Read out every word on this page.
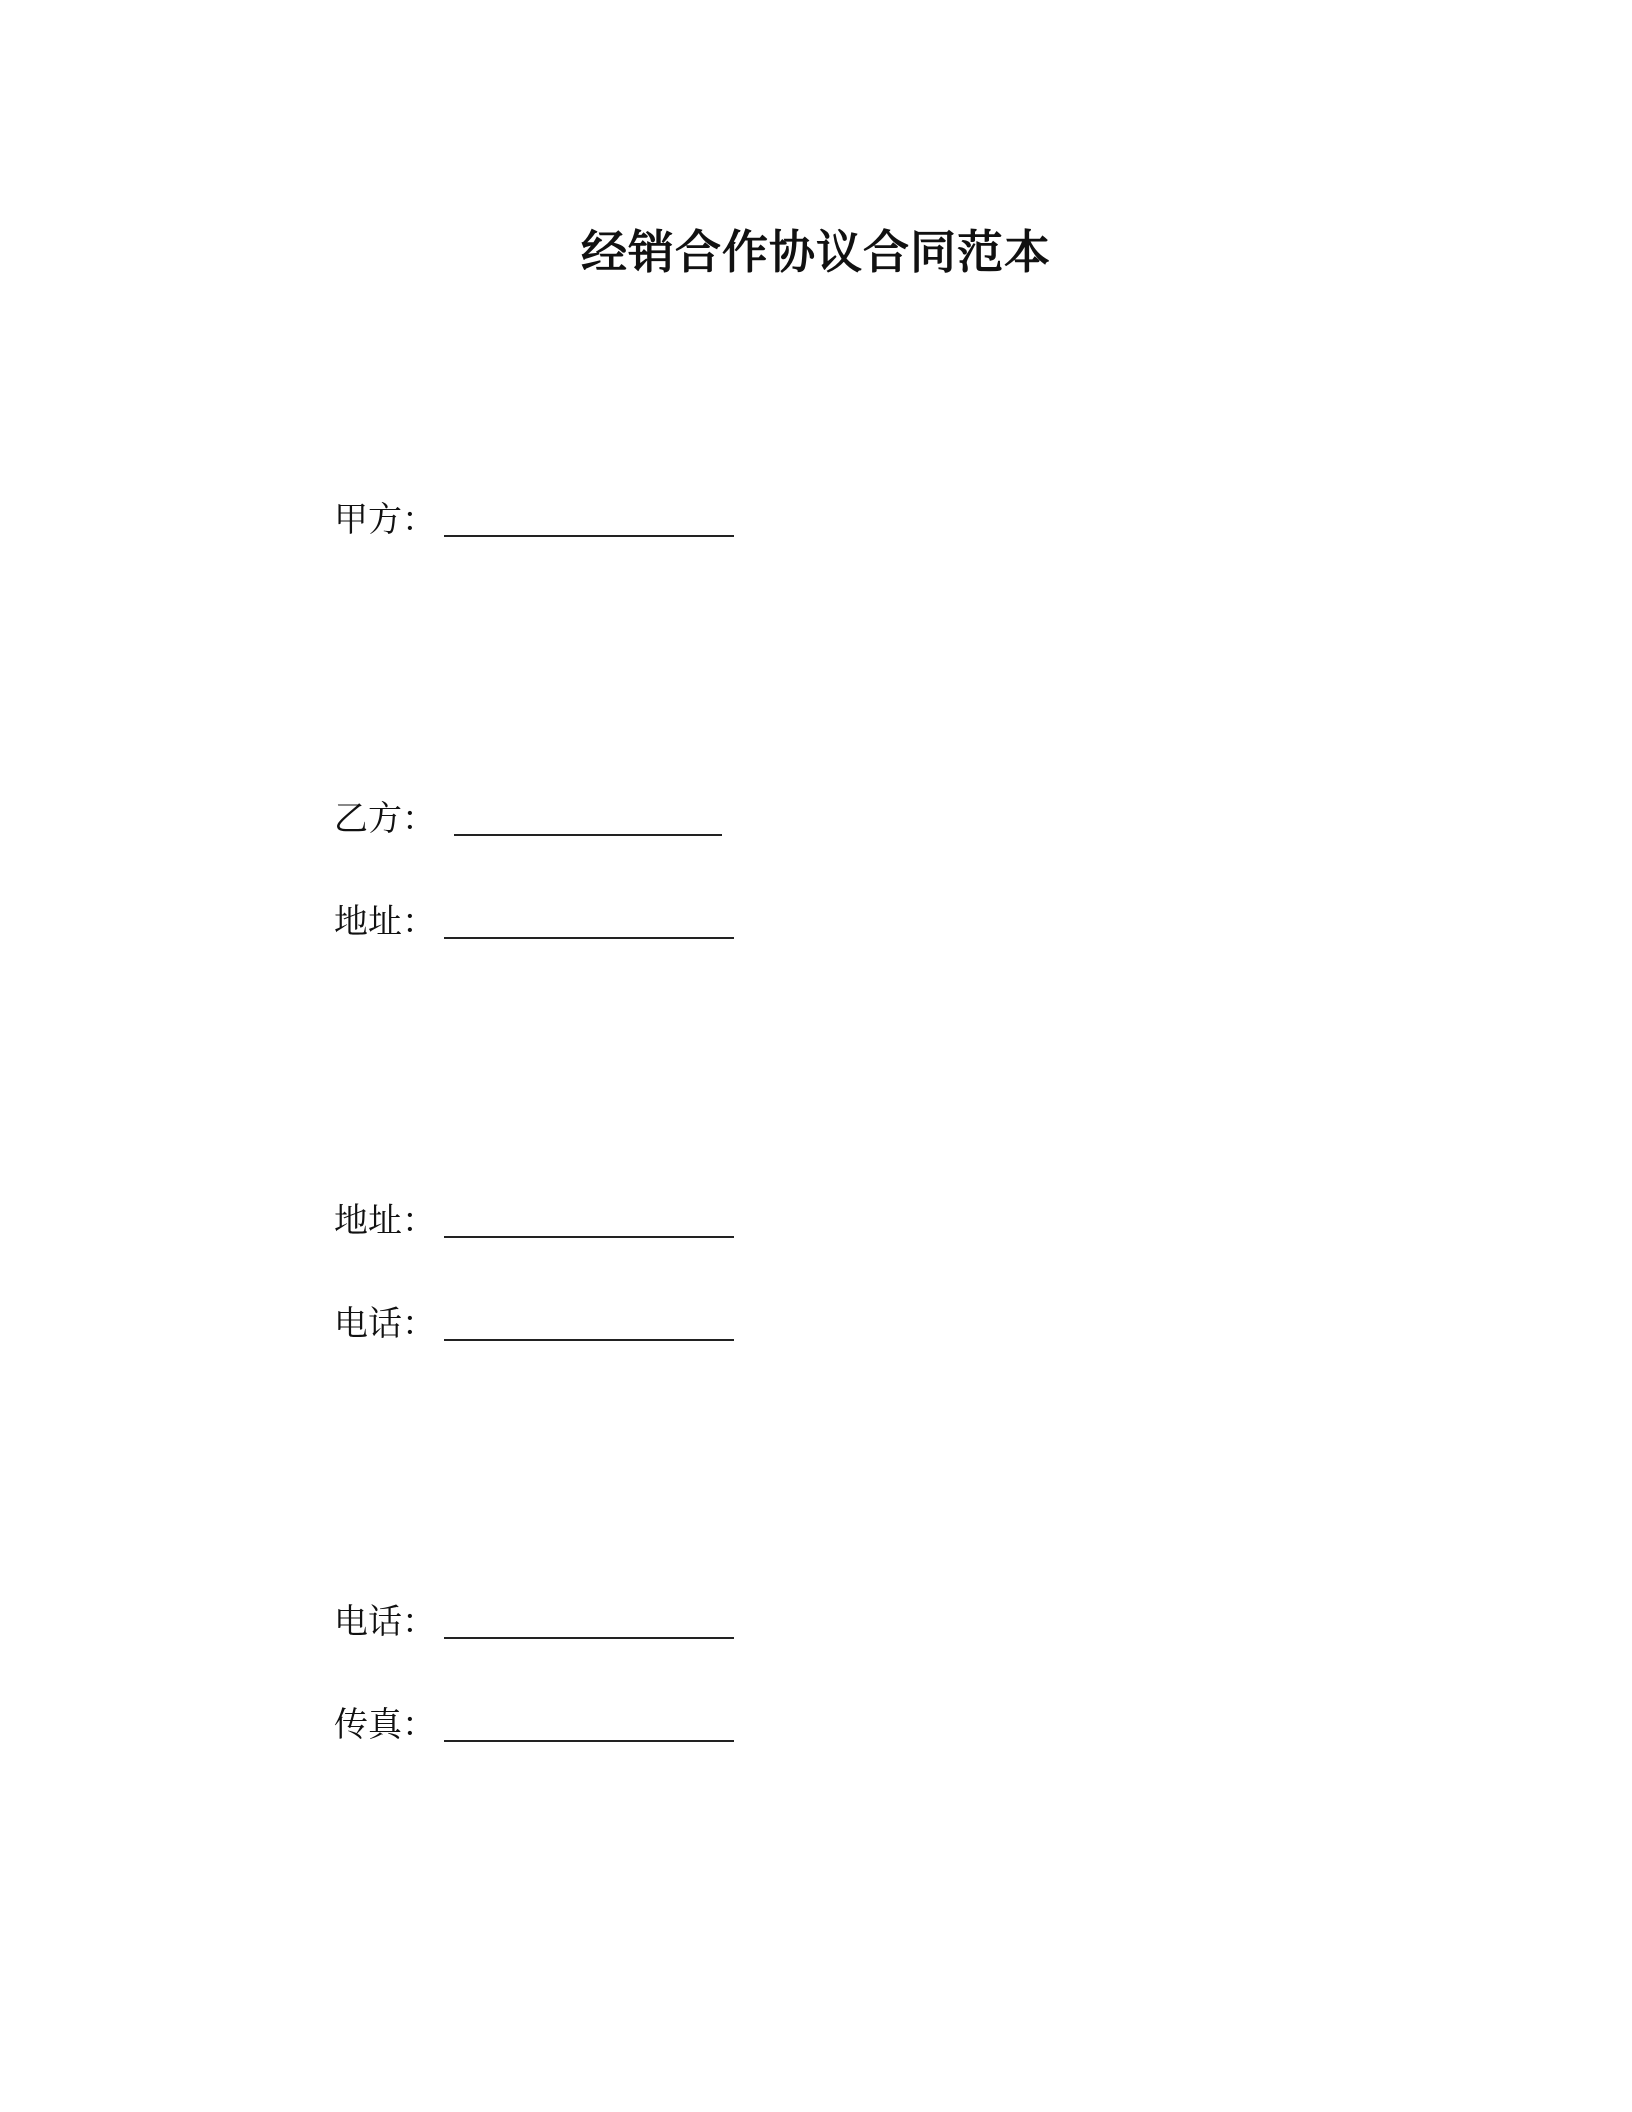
经销合作协议合同范本
甲方：
乙方：
地址：
地址：
电话：
电话：
传真：
